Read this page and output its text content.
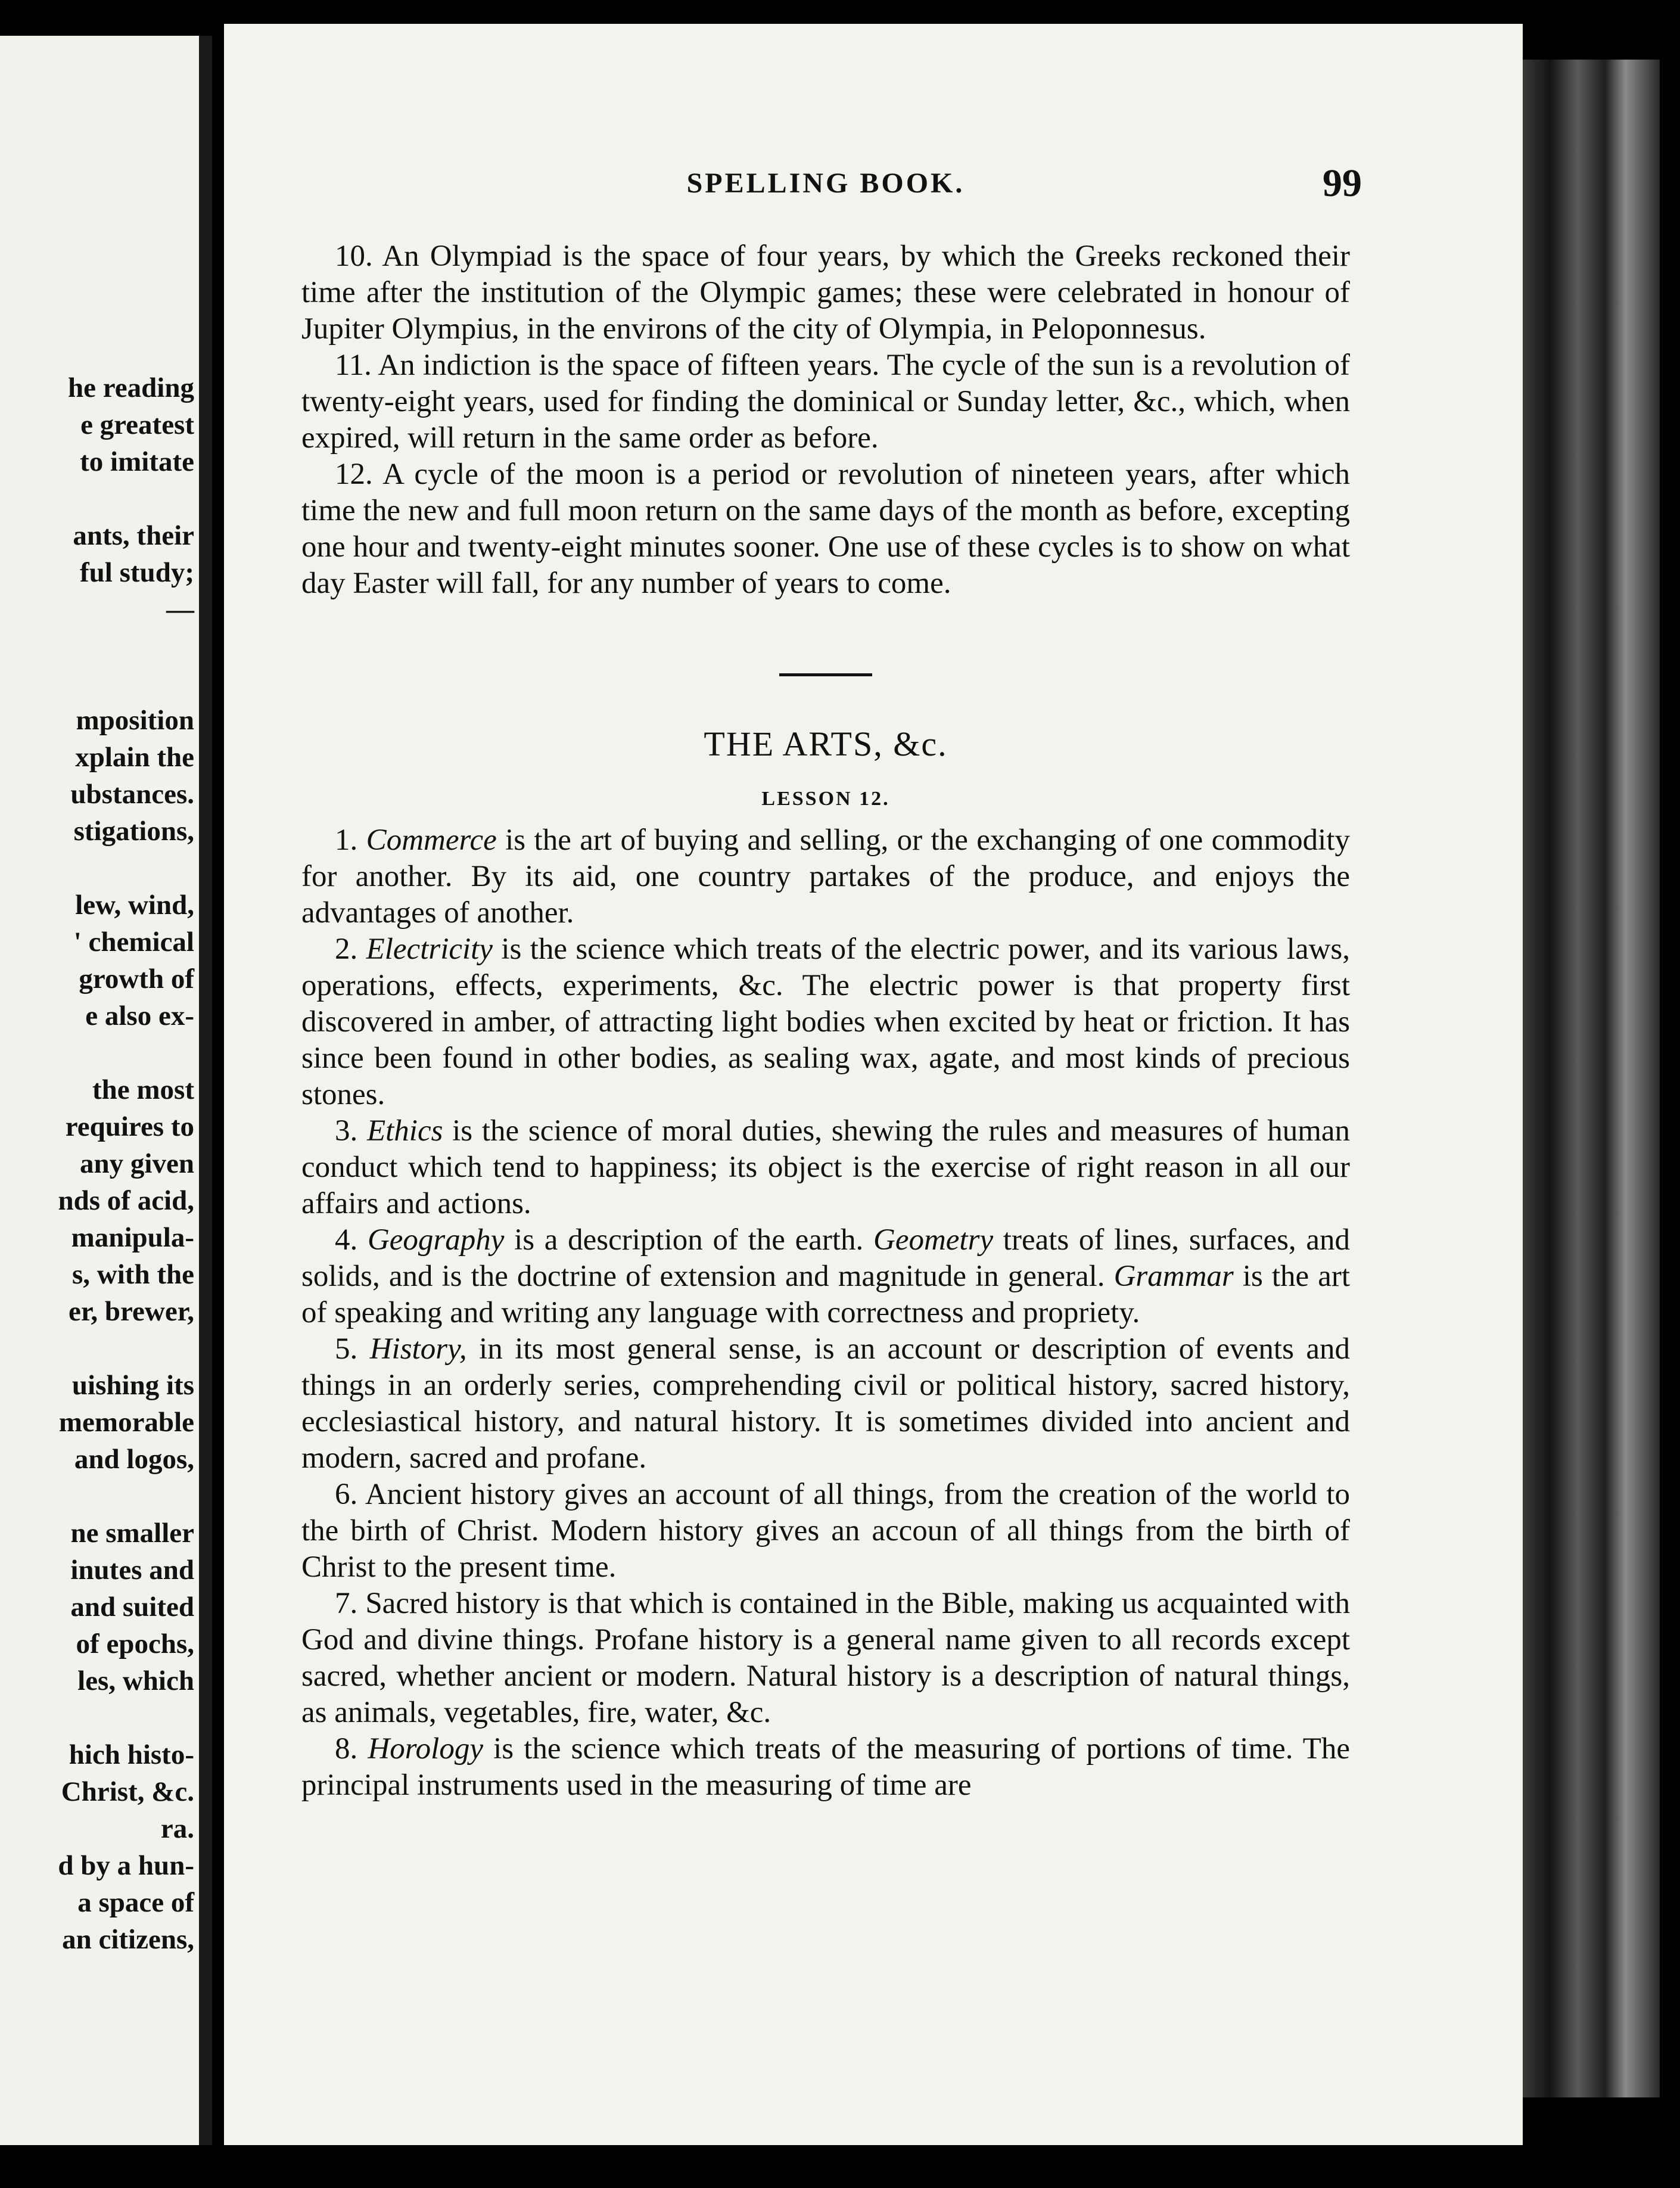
he reading
e greatest
to imitate

ants, their
ful study;
—

mposition
xplain the
ubstances.
stigations,

lew, wind,
' chemical
growth of
e also ex-

the most
requires to
any given
nds of acid,
manipula-
s, with the
er, brewer,

uishing its
memorable
and logos,

ne smaller
inutes and
and suited
of epochs,
les, which

hich histo-
Christ, &c.
ra.
d by a hun-
a space of
an citizens,
SPELLING BOOK.	99

10. An Olympiad is the space of four years, by which the Greeks reckoned their time after the institution of the Olympic games; these were celebrated in honour of Jupiter Olympius, in the environs of the city of Olympia, in Peloponnesus.

11. An indiction is the space of fifteen years. The cycle of the sun is a revolution of twenty-eight years, used for finding the dominical or Sunday letter, &c., which, when expired, will return in the same order as before.

12. A cycle of the moon is a period or revolution of nineteen years, after which time the new and full moon return on the same days of the month as before, excepting one hour and twenty-eight minutes sooner. One use of these cycles is to show on what day Easter will fall, for any number of years to come.

THE ARTS, &c.
LESSON 12.

1. Commerce is the art of buying and selling, or the exchanging of one commodity for another. By its aid, one country partakes of the produce, and enjoys the advantages of another.

2. Electricity is the science which treats of the electric power, and its various laws, operations, effects, experiments, &c. The electric power is that property first discovered in amber, of attracting light bodies when excited by heat or friction. It has since been found in other bodies, as sealing wax, agate, and most kinds of precious stones.

3. Ethics is the science of moral duties, shewing the rules and measures of human conduct which tend to happiness; its object is the exercise of right reason in all our affairs and actions.

4. Geography is a description of the earth. Geometry treats of lines, surfaces, and solids, and is the doctrine of extension and magnitude in general. Grammar is the art of speaking and writing any language with correctness and propriety.

5. History, in its most general sense, is an account or description of events and things in an orderly series, comprehending civil or political history, sacred history, ecclesiastical history, and natural history. It is sometimes divided into ancient and modern, sacred and profane.

6. Ancient history gives an account of all things, from the creation of the world to the birth of Christ. Modern history gives an accoun of all things from the birth of Christ to the present time.

7. Sacred history is that which is contained in the Bible, making us acquainted with God and divine things. Profane history is a general name given to all records except sacred, whether ancient or modern. Natural history is a description of natural things, as animals, vegetables, fire, water, &c.

8. Horology is the science which treats of the measuring of portions of time. The principal instruments used in the measuring of time are
